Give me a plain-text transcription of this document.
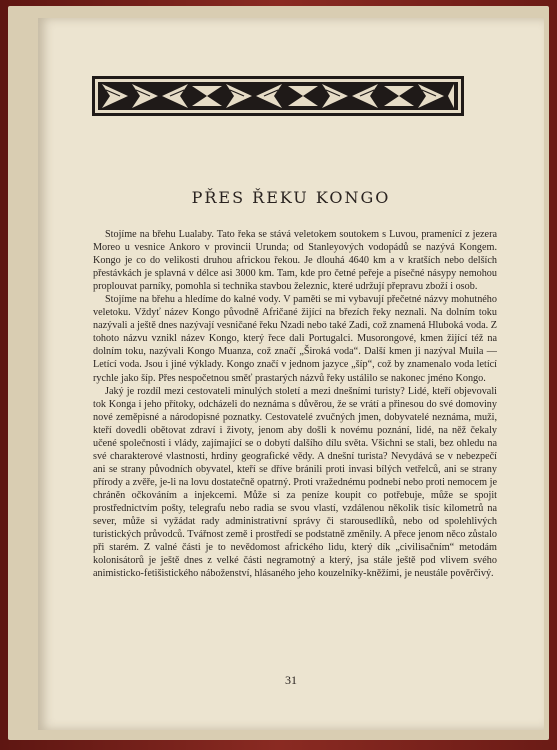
PŘES ŘEKU KONGO

Stojíme na břehu Lualaby. Tato řeka se stává veletokem soutokem s Luvou, pramenící z jezera Moreo u vesnice Ankoro v provincii Urunda; od Stanleyových vodopádů se nazývá Kongem. Kongo je co do velikosti druhou africkou řekou. Je dlouhá 4640 km a v kratších nebo delších přestávkách je splavná v délce asi 3000 km. Tam, kde pro četné peřeje a písečné násypy nemohou proplouvat parníky, pomohla si technika stavbou železnic, které udržují přepravu zboží i osob.

Stojíme na břehu a hledíme do kalné vody. V paměti se mi vybavují přečetné názvy mohutného veletoku. Vždyť název Kongo původně Afričané žijící na březích řeky neznali. Na dolním toku nazývali a ještě dnes nazývají vesničané řeku Nzadi nebo také Zadi, což znamená Hluboká voda. Z tohoto názvu vznikl název Kongo, který řece dali Portugalci. Musorongové, kmen žijící též na dolním toku, nazývali Kongo Muanza, což značí „Široká voda“. Další kmen ji nazýval Muila — Letící voda. Jsou i jiné výklady. Kongo značí v jednom jazyce „šíp“, což by znamenalo voda letící rychle jako šíp. Přes nespočetnou směť prastarých názvů řeky ustálilo se nakonec jméno Kongo.

Jaký je rozdíl mezi cestovateli minulých století a mezi dnešními turisty? Lidé, kteří objevovali tok Konga i jeho přítoky, odcházeli do neznáma s důvěrou, že se vrátí a přinesou do své domoviny nové zeměpisné a národopisné poznatky. Cestovatelé zvučných jmen, dobyvatelé neznáma, muži, kteří dovedli obětovat zdraví i životy, jenom aby došli k novému poznání, lidé, na něž čekaly učené společnosti i vlády, zajímající se o dobytí dalšího dílu světa. Všichni se stali, bez ohledu na své charakterové vlastnosti, hrdiny geografické vědy. A dnešní turista? Nevydává se v nebezpečí ani se strany původních obyvatel, kteří se dříve bránili proti invasi bílých vetřelců, ani se strany přírody a zvěře, je-li na lovu dostatečně opatrný. Proti vražednému podnebí nebo proti nemocem je chráněn očkováním a injekcemi. Může si za peníze koupit co potřebuje, může se spojit prostřednictvím pošty, telegrafu nebo radia se svou vlastí, vzdálenou několik tisíc kilometrů na sever, může si vyžádat rady administrativní správy či starousedlíků, nebo od spolehlivých turistických průvodců. Tvářnost země i prostředí se podstatně změnily. A přece jenom něco zůstalo při starém. Z valné části je to nevědomost afrického lidu, který dík „civilisačním“ metodám kolonisátorů je ještě dnes z velké části negramotný a který, jsa stále ještě pod vlivem svého animisticko-fetišistického náboženství, hlásaného jeho kouzelníky-kněžími, je neustále pověrčivý.

31
